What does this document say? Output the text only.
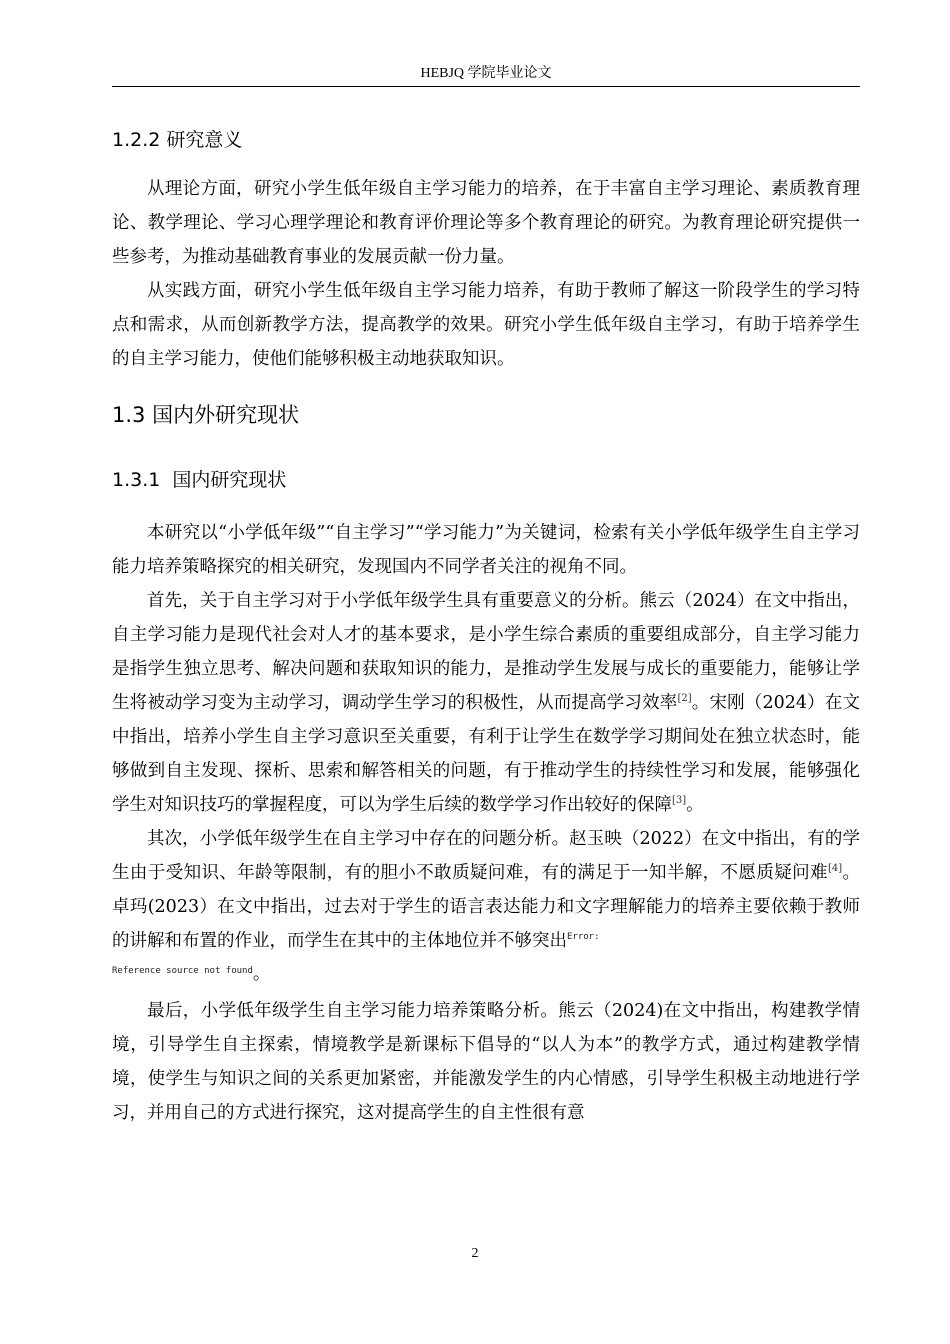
HEBJQ 学院毕业论文
1.2.2 研究意义

从理论方面，研究小学生低年级自主学习能力的培养，在于丰富自主学习理论、素质教育理论、教学理论、学习心理学理论和教育评价理论等多个教育理论的研究。为教育理论研究提供一些参考，为推动基础教育事业的发展贡献一份力量。

从实践方面，研究小学生低年级自主学习能力培养，有助于教师了解这一阶段学生的学习特点和需求，从而创新教学方法，提高教学的效果。研究小学生低年级自主学习，有助于培养学生的自主学习能力，使他们能够积极主动地获取知识。

1.3 国内外研究现状
1.3.1  国内研究现状

本研究以“小学低年级”“自主学习”“学习能力”为关键词，检索有关小学低年级学生自主学习能力培养策略探究的相关研究，发现国内不同学者关注的视角不同。

首先，关于自主学习对于小学低年级学生具有重要意义的分析。熊云（2024）在文中指出，自主学习能力是现代社会对人才的基本要求，是小学生综合素质的重要组成部分，自主学习能力是指学生独立思考、解决问题和获取知识的能力，是推动学生发展与成长的重要能力，能够让学生将被动学习变为主动学习，调动学生学习的积极性，从而提高学习效率[2]。宋刚（2024）在文中指出，培养小学生自主学习意识至关重要，有利于让学生在数学学习期间处在独立状态时，能够做到自主发现、探析、思索和解答相关的问题，有于推动学生的持续性学习和发展，能够强化学生对知识技巧的掌握程度，可以为学生后续的数学学习作出较好的保障[3]。

其次，小学低年级学生在自主学习中存在的问题分析。赵玉映（2022）在文中指出，有的学生由于受知识、年龄等限制，有的胆小不敢质疑问难，有的满足于一知半解，不愿质疑问难[4]。卓玛(2023）在文中指出，过去对于学生的语言表达能力和文字理解能力的培养主要依赖于教师的讲解和布置的作业，而学生在其中的主体地位并不够突出$^{Error:}$

Reference source not found。

最后，小学低年级学生自主学习能力培养策略分析。熊云（2024)在文中指出，构建教学情境，引导学生自主探索，情境教学是新课标下倡导的“以人为本”的教学方式，通过构建教学情境，使学生与知识之间的关系更加紧密，并能激发学生的内心情感，引导学生积极主动地进行学习，并用自己的方式进行探究，这对提高学生的自主性很有意

2
